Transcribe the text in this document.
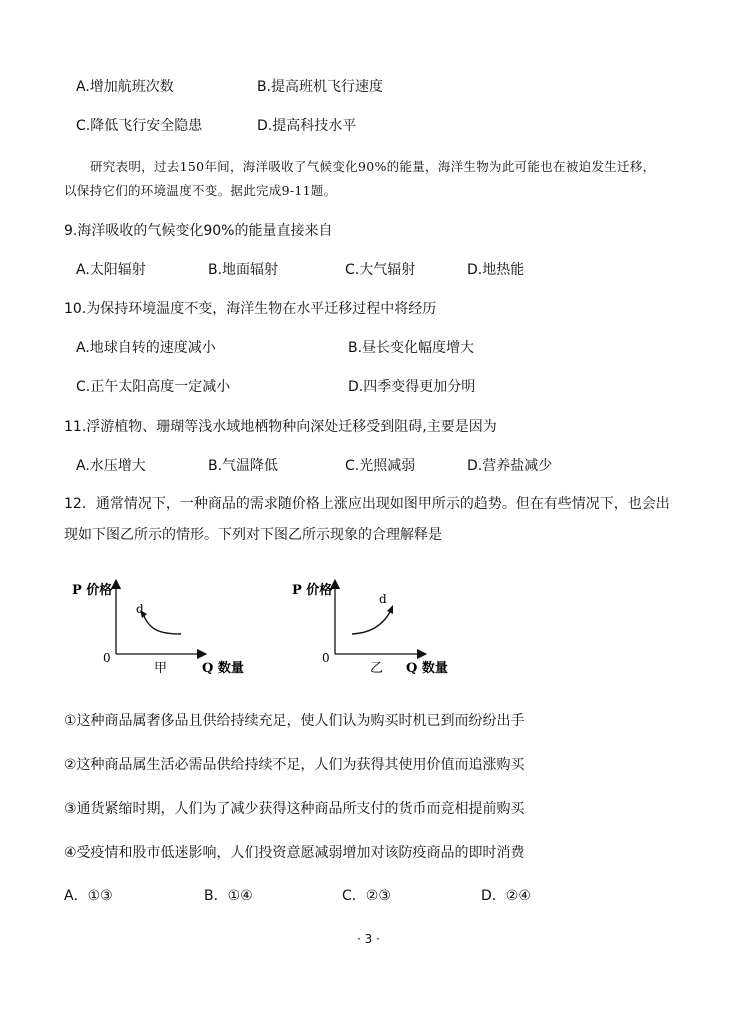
A.增加航班次数	B.提高班机飞行速度
C.降低飞行安全隐患	D.提高科技水平
研究表明，过去150年间，海洋吸收了气候变化90%的能量，海洋生物为此可能也在被迫发生迁移，
以保持它们的环境温度不变。据此完成9-11题。
9.海洋吸收的气候变化90%的能量直接来自
A.太阳辐射	B.地面辐射	C.大气辐射	D.地热能
10.为保持环境温度不变，海洋生物在水平迁移过程中将经历
A.地球自转的速度减小	B.昼长变化幅度增大
C.正午太阳高度一定减小	D.四季变得更加分明
11.浮游植物、珊瑚等浅水域地栖物种向深处迁移受到阻碍,主要是因为
A.水压增大	B.气温降低	C.光照减弱	D.营养盐减少
12．通常情况下，一种商品的需求随价格上涨应出现如图甲所示的趋势。但在有些情况下，也会出
现如下图乙所示的情形。下列对下图乙所示现象的合理解释是
P 价格
0
d
甲	Q 数量
P 价格
0
d
乙 Q 数量
①这种商品属奢侈品且供给持续充足，使人们认为购买时机已到而纷纷出手
②这种商品属生活必需品供给持续不足，人们为获得其使用价值而追涨购买
③通货紧缩时期，人们为了减少获得这种商品所支付的货币而竞相提前购买
④受疫情和股市低迷影响，人们投资意愿减弱增加对该防疫商品的即时消费
A．①③	B．①④	C．②③	D．②④
· 3 ·
